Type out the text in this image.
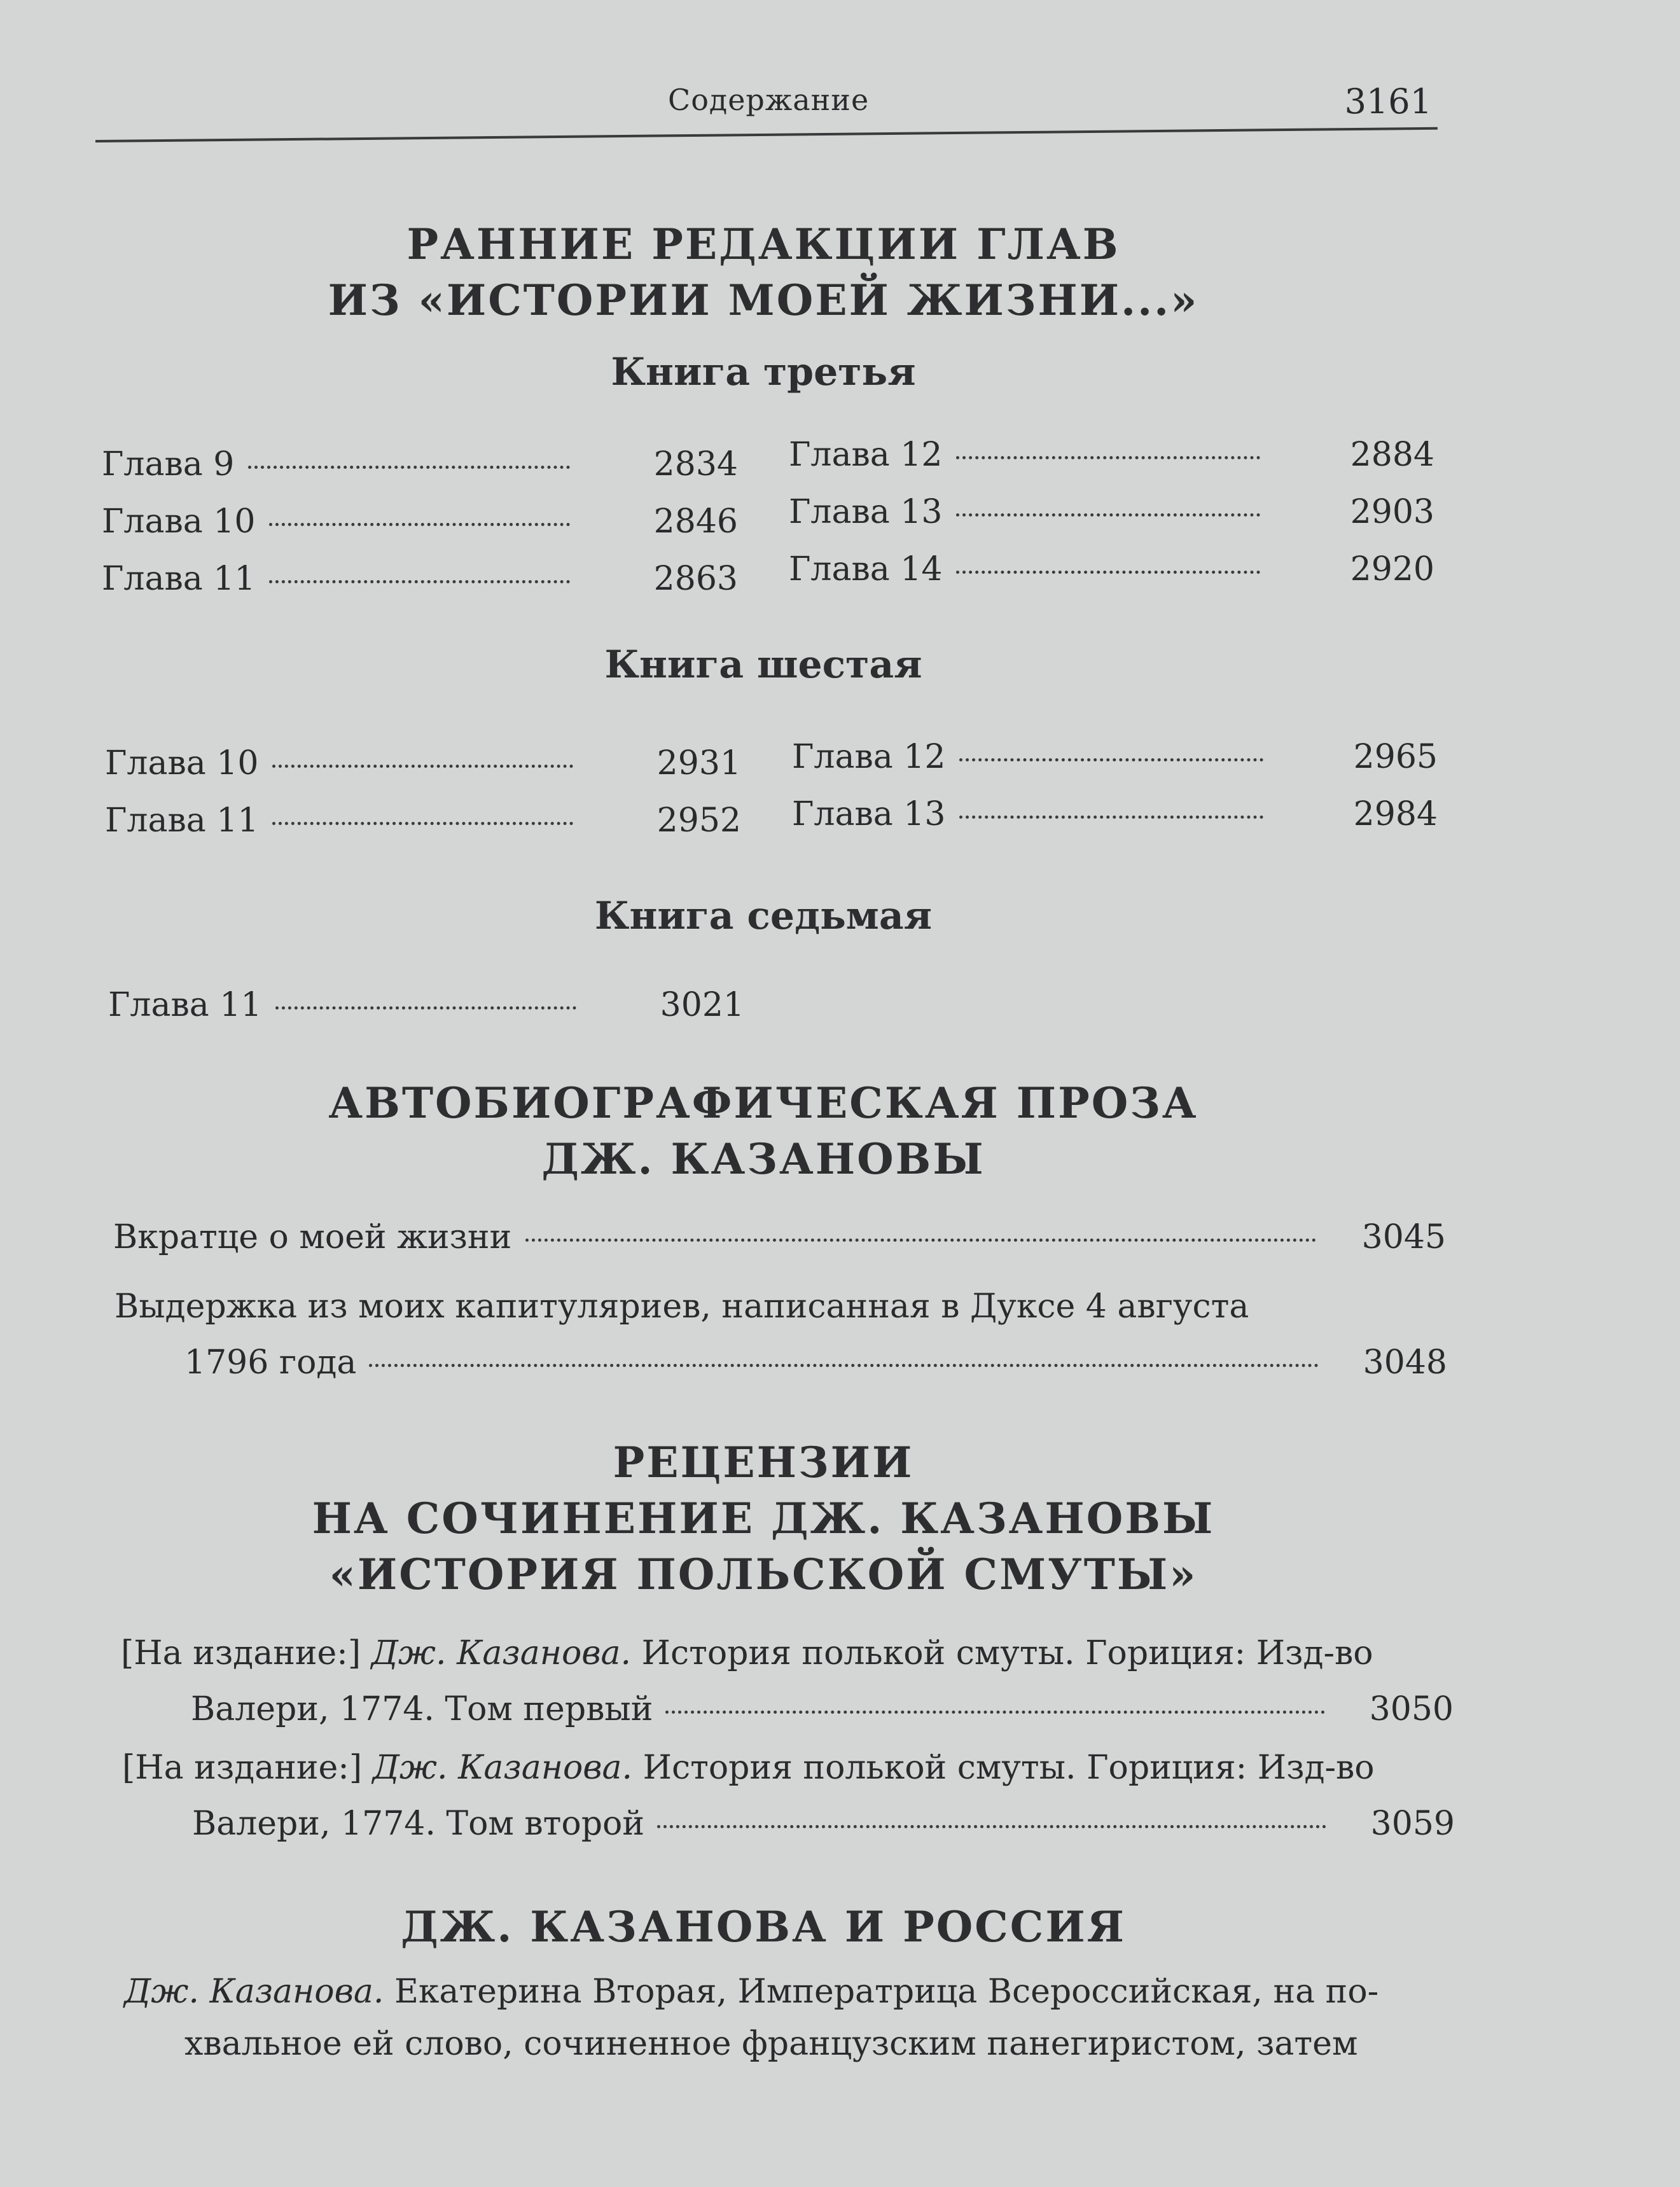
Содержание	3161
РАННИЕ РЕДАКЦИИ ГЛАВ
ИЗ «ИСТОРИИ МОЕЙ ЖИЗНИ...»
Книга третья
Глава 9	2834
Глава 10	2846
Глава 11	2863
Глава 12	2884
Глава 13	2903
Глава 14	2920
Книга шестая
Глава 10	2931
Глава 11	2952
Глава 12	2965
Глава 13	2984
Книга седьмая
Глава 11	3021
АВТОБИОГРАФИЧЕСКАЯ ПРОЗА
ДЖ. КАЗАНОВЫ
Вкратце о моей жизни	3045
Выдержка из моих капитуляриев, написанная в Дуксе 4 августа
1796 года	3048
РЕЦЕНЗИИ
НА СОЧИНЕНИЕ ДЖ. КАЗАНОВЫ
«ИСТОРИЯ ПОЛЬСКОЙ СМУТЫ»
[На издание:] Дж. Казанова. История полькой смуты. Гориция: Изд-во
Валери, 1774. Том первый	3050
[На издание:] Дж. Казанова. История полькой смуты. Гориция: Изд-во
Валери, 1774. Том второй	3059
ДЖ. КАЗАНОВА И РОССИЯ
Дж. Казанова. Екатерина Вторая, Императрица Всероссийская, на по-
хвальное ей слово, сочиненное французским панегиристом, затем
